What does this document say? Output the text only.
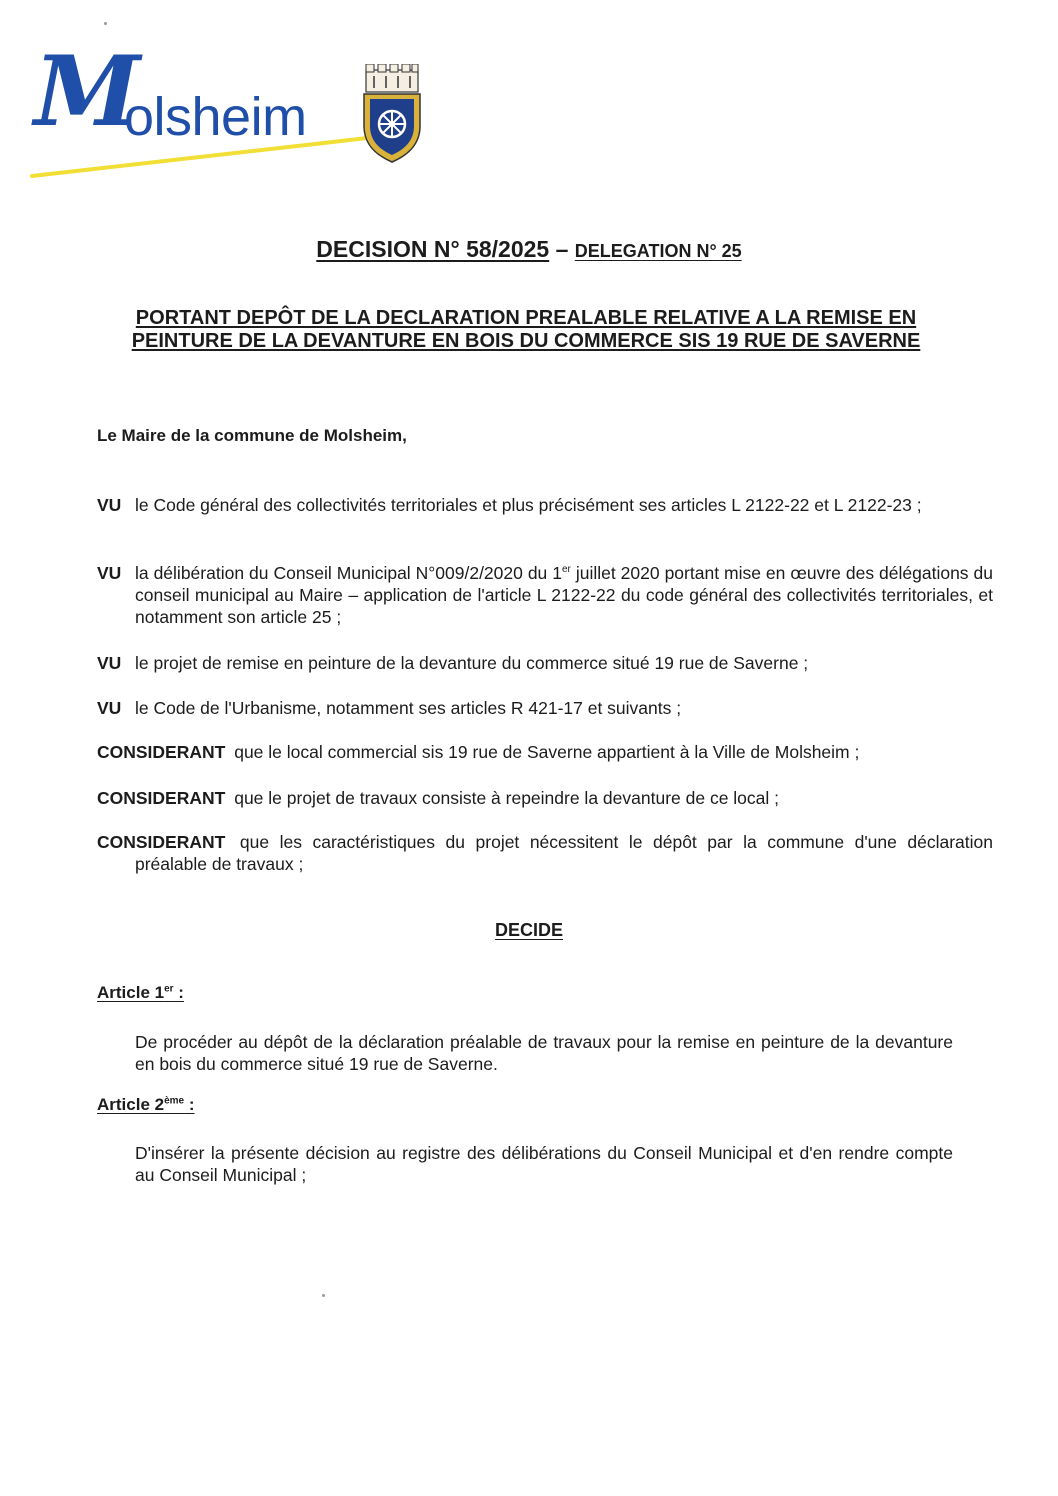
M
olsheim
DECISION N° 58/2025 – DELEGATION N° 25
PORTANT DEPÔT DE LA DECLARATION PREALABLE RELATIVE A LA REMISE EN
PEINTURE DE LA DEVANTURE EN BOIS DU COMMERCE SIS 19 RUE DE SAVERNE
Le Maire de la commune de Molsheim,
VU le Code général des collectivités territoriales et plus précisément ses articles L 2122-22 et L 2122-23 ;
VU la délibération du Conseil Municipal N°009/2/2020 du 1er juillet 2020 portant mise en œuvre des délégations du conseil municipal au Maire – application de l'article L 2122-22 du code général des collectivités territoriales, et notamment son article 25 ;
VU le projet de remise en peinture de la devanture du commerce situé 19 rue de Saverne ;
VU le Code de l'Urbanisme, notamment ses articles R 421-17 et suivants ;
CONSIDERANT que le local commercial sis 19 rue de Saverne appartient à la Ville de Molsheim ;
CONSIDERANT que le projet de travaux consiste à repeindre la devanture de ce local ;
CONSIDERANT que les caractéristiques du projet nécessitent le dépôt par la commune d'une déclaration préalable de travaux ;
DECIDE
Article 1er :
De procéder au dépôt de la déclaration préalable de travaux pour la remise en peinture de la devanture en bois du commerce situé 19 rue de Saverne.
Article 2ème :
D'insérer la présente décision au registre des délibérations du Conseil Municipal et d'en rendre compte au Conseil Municipal ;
